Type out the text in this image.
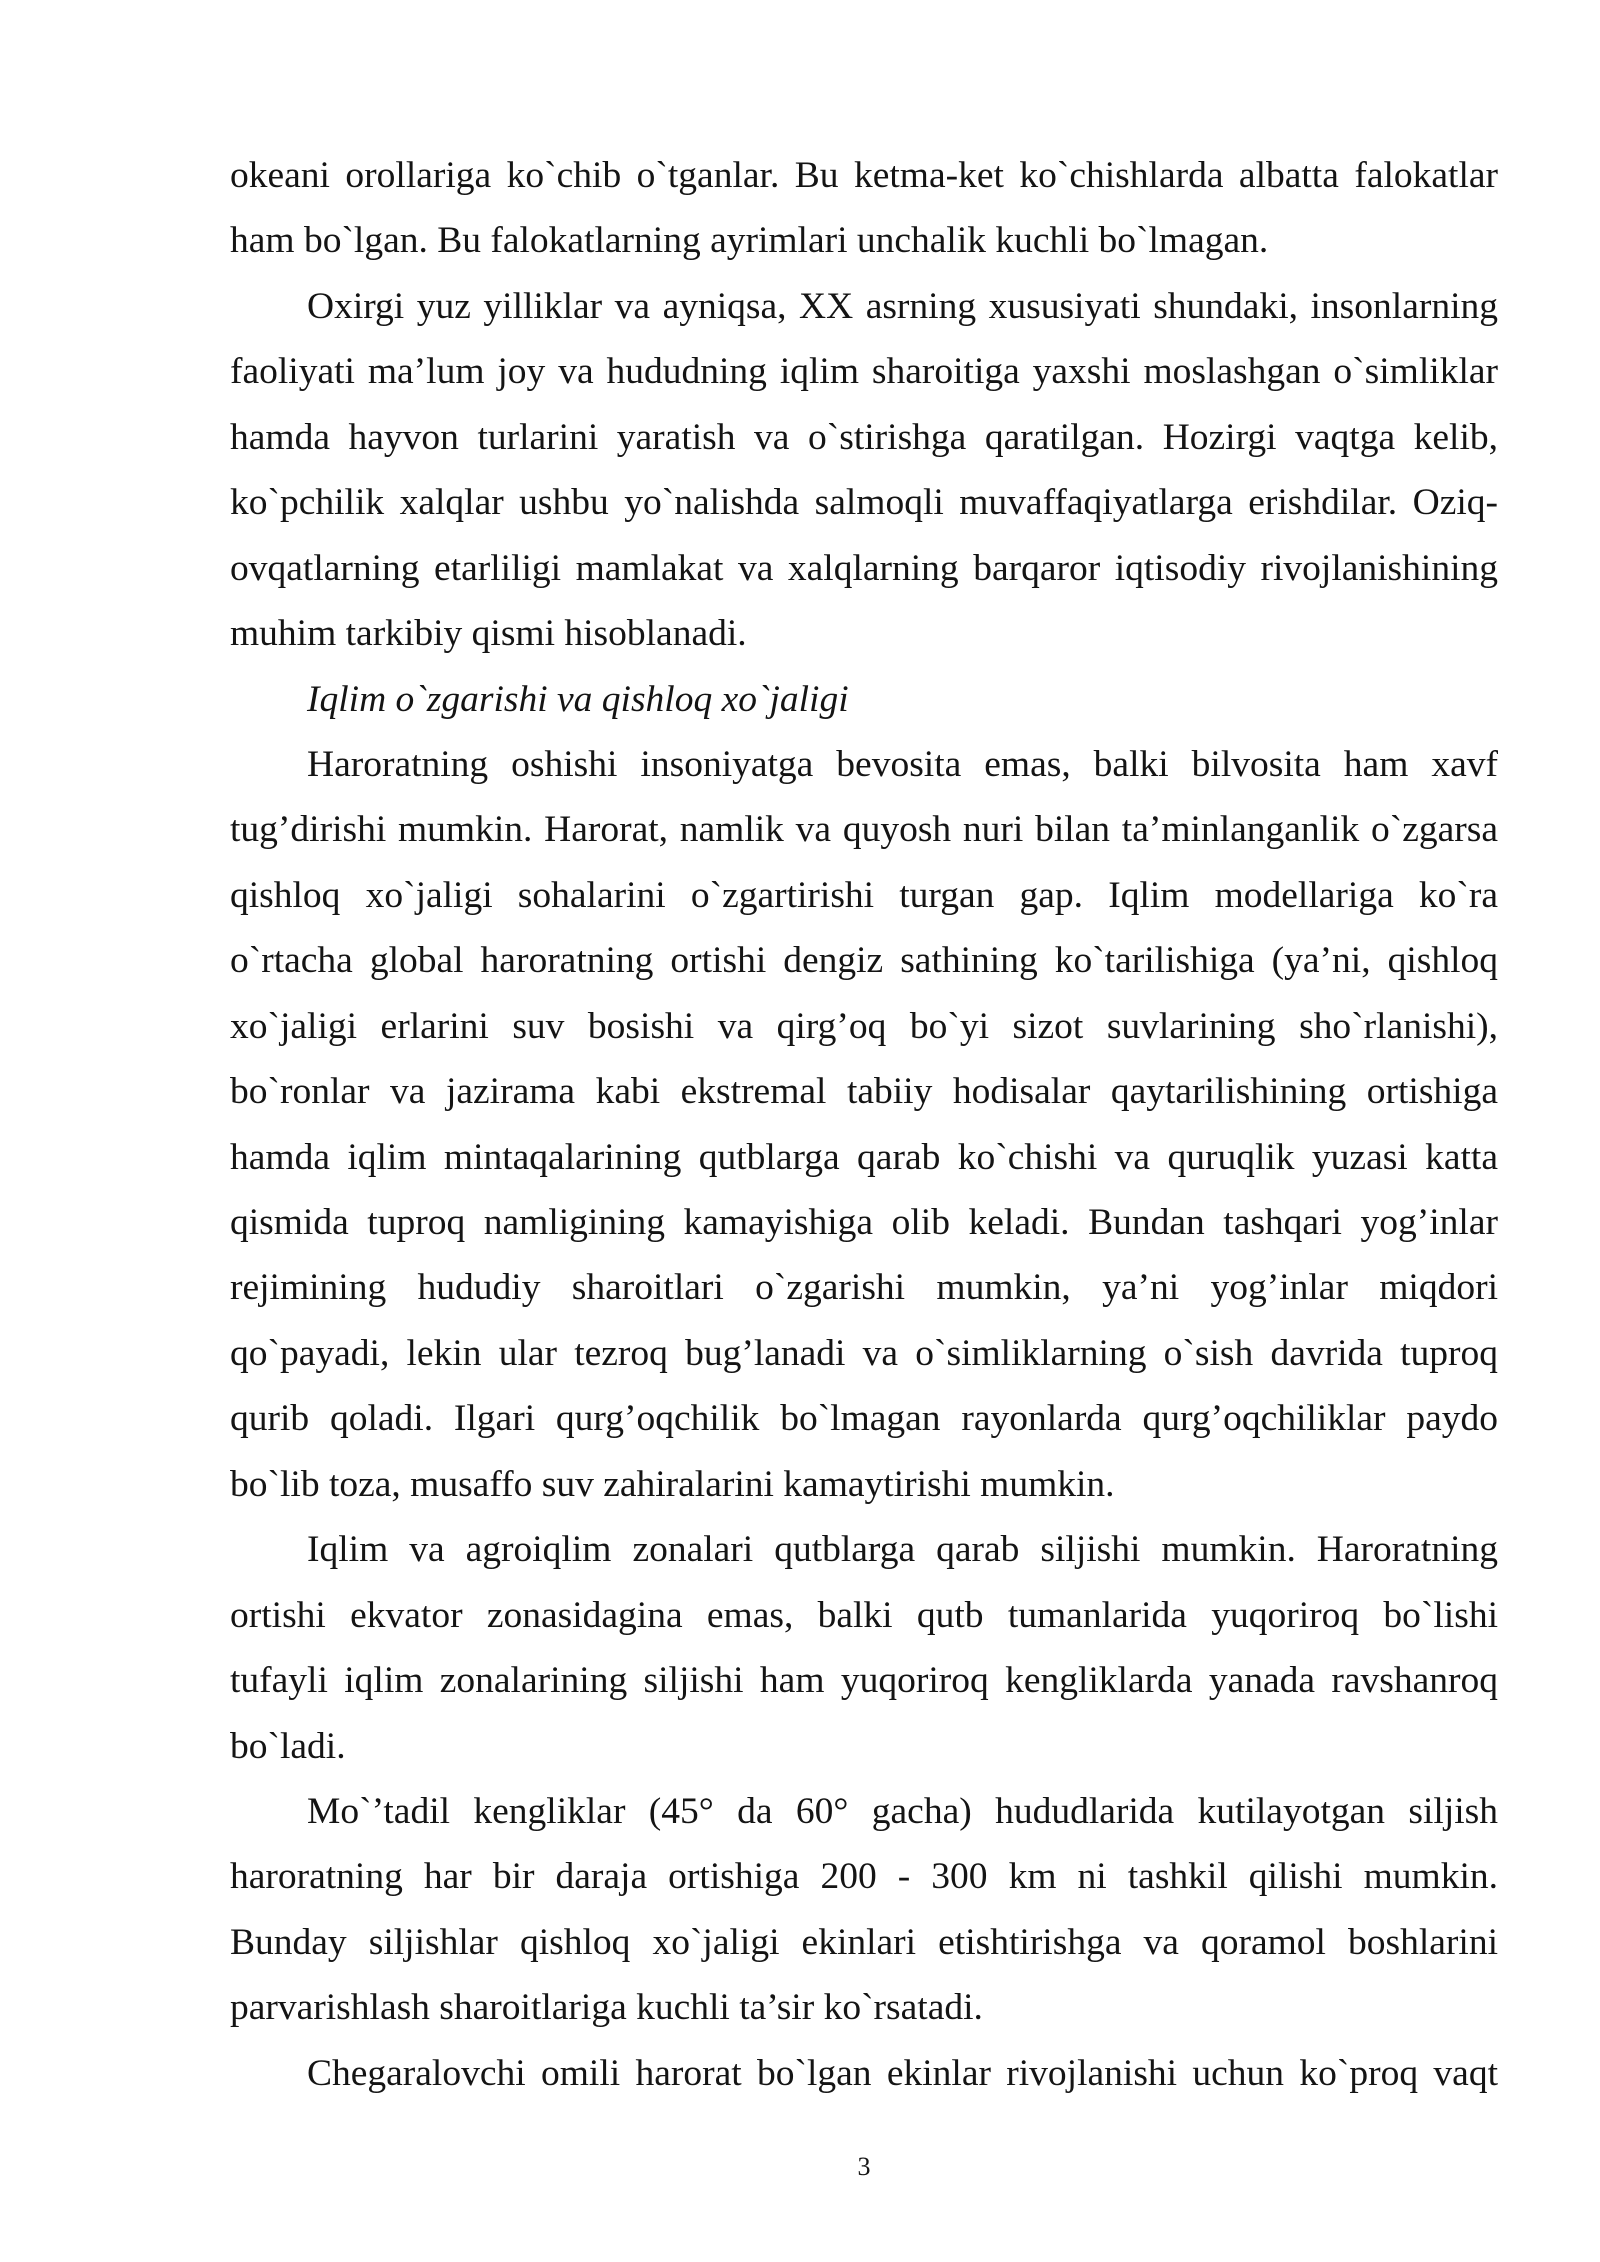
okeani orollariga ko`chib o`tganlar. Bu ketma-ket ko`chishlarda albatta falokatlar
ham bo`lgan. Bu falokatlarning ayrimlari unchalik kuchli bo`lmagan.
Oxirgi yuz yilliklar va ayniqsa, XX asrning xususiyati shundaki, insonlarning
faoliyati ma’lum joy va hududning iqlim sharoitiga yaxshi moslashgan o`simliklar
hamda hayvon turlarini yaratish va o`stirishga qaratilgan. Hozirgi vaqtga kelib,
ko`pchilik xalqlar ushbu yo`nalishda salmoqli muvaffaqiyatlarga erishdilar. Oziq-
ovqatlarning etarliligi mamlakat va xalqlarning barqaror iqtisodiy rivojlanishining
muhim tarkibiy qismi hisoblanadi.
Iqlim o`zgarishi va qishloq xo`jaligi
Haroratning oshishi insoniyatga bevosita emas, balki bilvosita ham xavf
tug’dirishi mumkin. Harorat, namlik va quyosh nuri bilan ta’minlanganlik o`zgarsa
qishloq xo`jaligi sohalarini o`zgartirishi turgan gap. Iqlim modellariga ko`ra
o`rtacha global haroratning ortishi dengiz sathining ko`tarilishiga (ya’ni, qishloq
xo`jaligi erlarini suv bosishi va qirg’oq bo`yi sizot suvlarining sho`rlanishi),
bo`ronlar va jazirama kabi ekstremal tabiiy hodisalar qaytarilishining ortishiga
hamda iqlim mintaqalarining qutblarga qarab ko`chishi va quruqlik yuzasi katta
qismida tuproq namligining kamayishiga olib keladi. Bundan tashqari yog’inlar
rejimining hududiy sharoitlari o`zgarishi mumkin, ya’ni yog’inlar miqdori
qo`payadi, lekin ular tezroq bug’lanadi va o`simliklarning o`sish davrida tuproq
qurib qoladi. Ilgari qurg’oqchilik bo`lmagan rayonlarda qurg’oqchiliklar paydo
bo`lib toza, musaffo suv zahiralarini kamaytirishi mumkin.
Iqlim va agroiqlim zonalari qutblarga qarab siljishi mumkin. Haroratning
ortishi ekvator zonasidagina emas, balki qutb tumanlarida yuqoriroq bo`lishi
tufayli iqlim zonalarining siljishi ham yuqoriroq kengliklarda yanada ravshanroq
bo`ladi.
Mo`’tadil kengliklar (45° da 60° gacha) hududlarida kutilayotgan siljish
haroratning har bir daraja ortishiga 200 - 300 km ni tashkil qilishi mumkin.
Bunday siljishlar qishloq xo`jaligi ekinlari etishtirishga va qoramol boshlarini
parvarishlash sharoitlariga kuchli ta’sir ko`rsatadi.
Chegaralovchi omili harorat bo`lgan ekinlar rivojlanishi uchun ko`proq vaqt
3
